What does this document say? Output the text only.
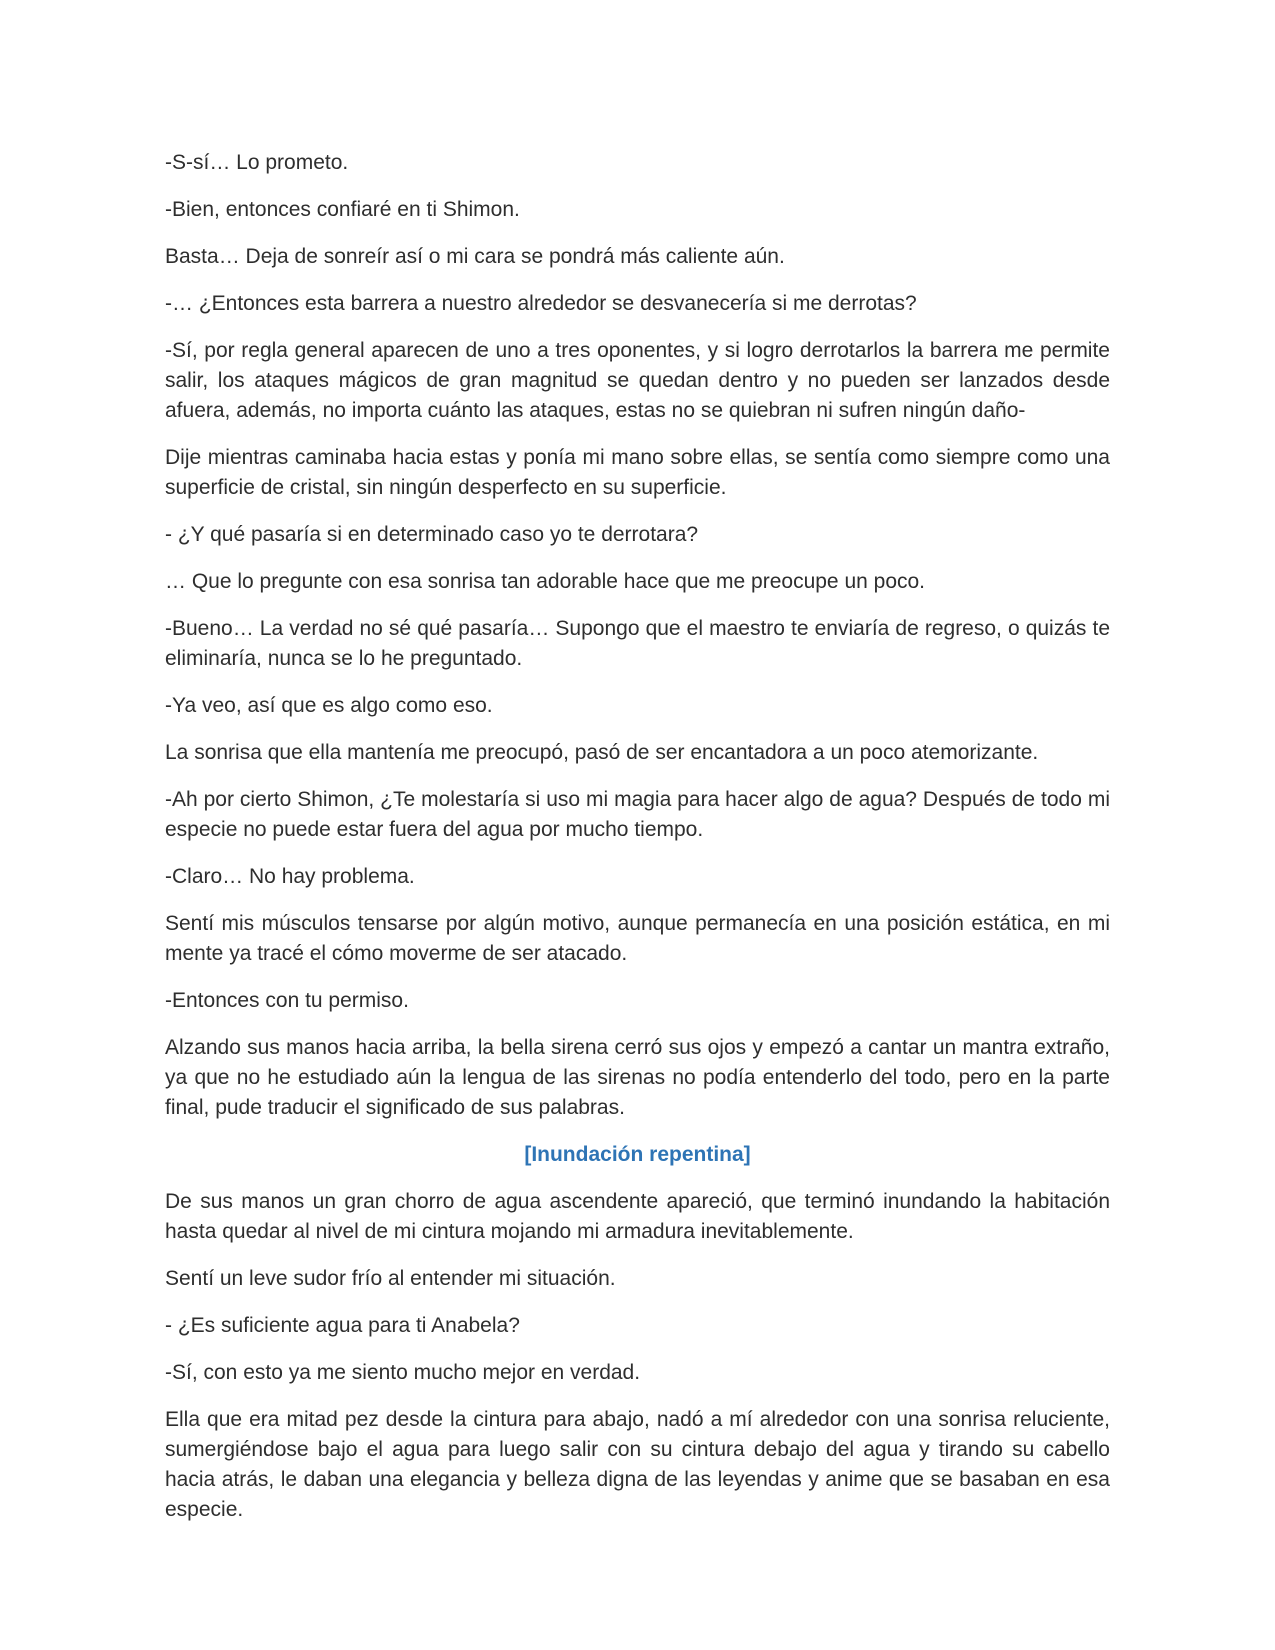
-S-sí… Lo prometo.

-Bien, entonces confiaré en ti Shimon.

Basta… Deja de sonreír así o mi cara se pondrá más caliente aún.

-… ¿Entonces esta barrera a nuestro alrededor se desvanecería si me derrotas?

-Sí, por regla general aparecen de uno a tres oponentes, y si logro derrotarlos la barrera me permite salir, los ataques mágicos de gran magnitud se quedan dentro y no pueden ser lanzados desde afuera, además, no importa cuánto las ataques, estas no se quiebran ni sufren ningún daño-

Dije mientras caminaba hacia estas y ponía mi mano sobre ellas, se sentía como siempre como una superficie de cristal, sin ningún desperfecto en su superficie.

- ¿Y qué pasaría si en determinado caso yo te derrotara?

… Que lo pregunte con esa sonrisa tan adorable hace que me preocupe un poco.

-Bueno… La verdad no sé qué pasaría… Supongo que el maestro te enviaría de regreso, o quizás te eliminaría, nunca se lo he preguntado.

-Ya veo, así que es algo como eso.

La sonrisa que ella mantenía me preocupó, pasó de ser encantadora a un poco atemorizante.

-Ah por cierto Shimon, ¿Te molestaría si uso mi magia para hacer algo de agua? Después de todo mi especie no puede estar fuera del agua por mucho tiempo.

-Claro… No hay problema.

Sentí mis músculos tensarse por algún motivo, aunque permanecía en una posición estática, en mi mente ya tracé el cómo moverme de ser atacado.

-Entonces con tu permiso.

Alzando sus manos hacia arriba, la bella sirena cerró sus ojos y empezó a cantar un mantra extraño, ya que no he estudiado aún la lengua de las sirenas no podía entenderlo del todo, pero en la parte final, pude traducir el significado de sus palabras.

[Inundación repentina]

De sus manos un gran chorro de agua ascendente apareció, que terminó inundando la habitación hasta quedar al nivel de mi cintura mojando mi armadura inevitablemente.

Sentí un leve sudor frío al entender mi situación.

- ¿Es suficiente agua para ti Anabela?

-Sí, con esto ya me siento mucho mejor en verdad.

Ella que era mitad pez desde la cintura para abajo, nadó a mí alrededor con una sonrisa reluciente, sumergiéndose bajo el agua para luego salir con su cintura debajo del agua y tirando su cabello hacia atrás, le daban una elegancia y belleza digna de las leyendas y anime que se basaban en esa especie.
